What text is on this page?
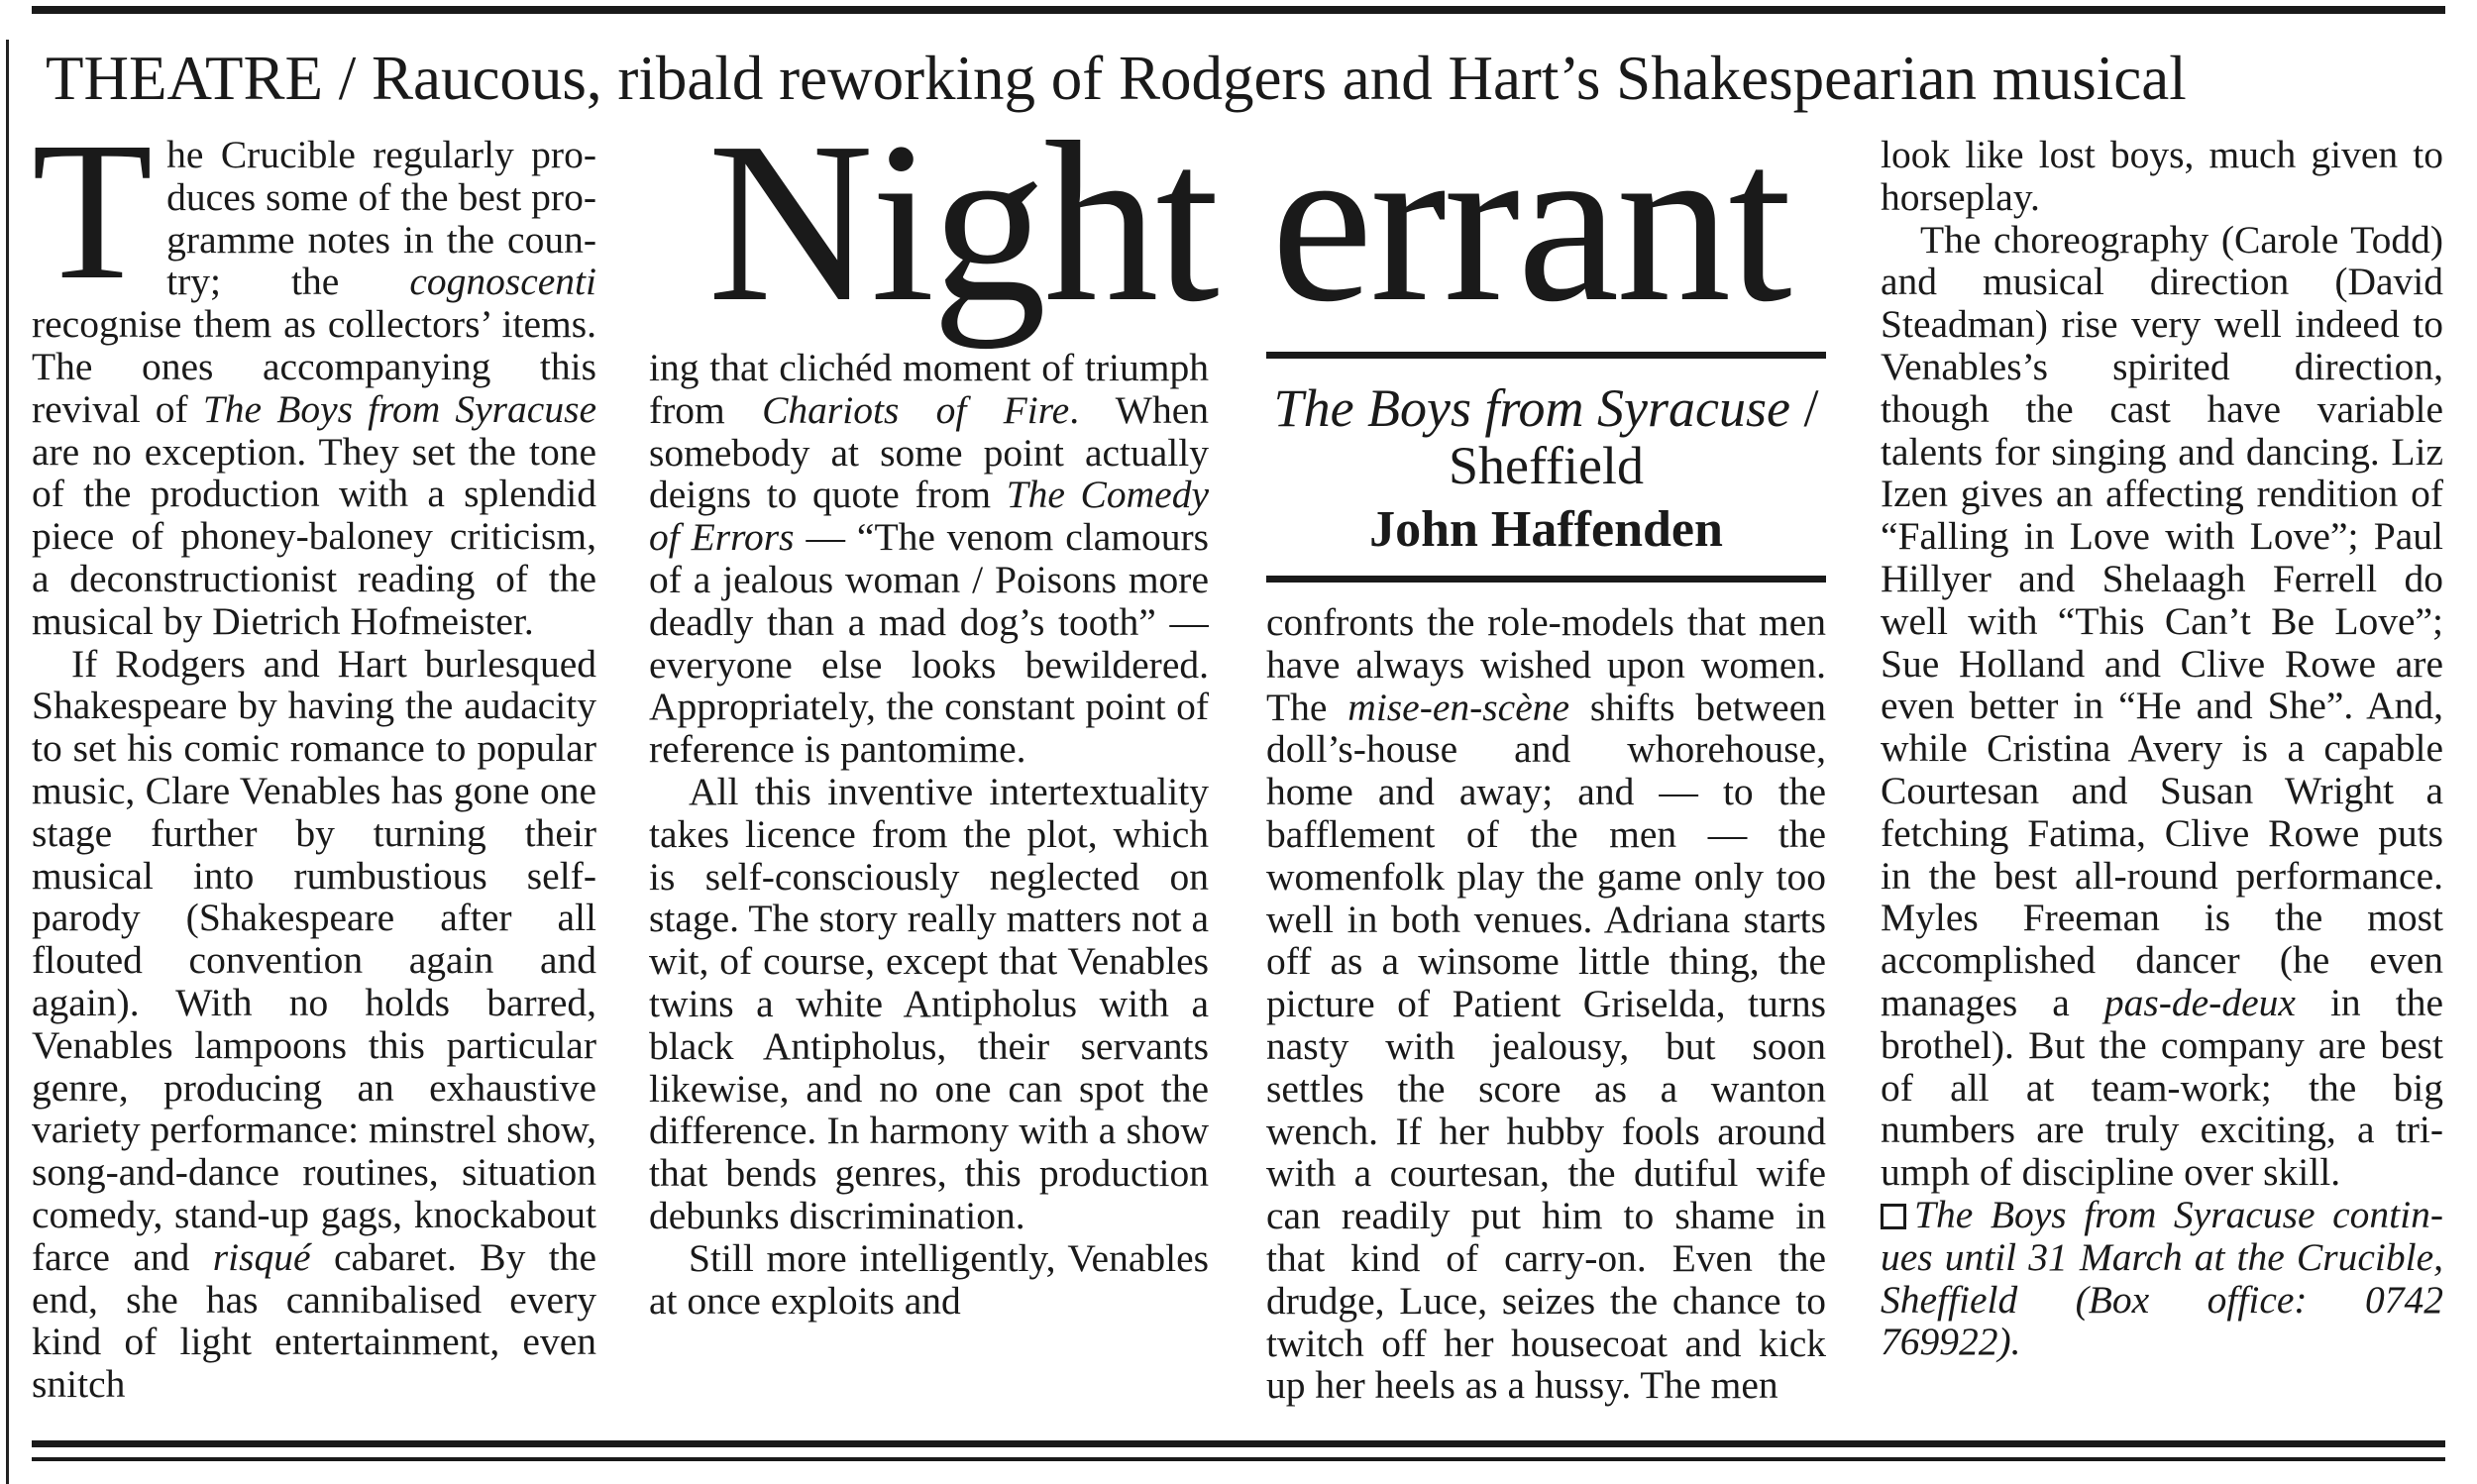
THEATRE / Raucous, ribald reworking of Rodgers and Hart’s Shakespearian musical
Night errant
The Boys from Syracuse / Sheffield
John Haffenden

The Crucible regularly produces some of the best programme notes in the country; the cognoscenti recognise them as collectors’ items. The ones accompanying this revival of The Boys from Syracuse are no exception. They set the tone of the production with a splendid piece of phoney-baloney criticism, a deconstructionist reading of the musical by Dietrich Hofmeister.

If Rodgers and Hart burlesqued Shakespeare by having the audacity to set his comic romance to popular music, Clare Venables has gone one stage further by turning their musical into rumbustious self-parody (Shakespeare after all flouted convention again and again). With no holds barred, Venables lampoons this particular genre, producing an exhaustive variety performance: minstrel show, song-and-dance routines, situation comedy, stand-up gags, knockabout farce and risqué cabaret. By the end, she has cannibalised every kind of light entertainment, even snitch

ing that clichéd moment of triumph from Chariots of Fire. When somebody at some point actually deigns to quote from The Comedy of Errors — “The venom clamours of a jealous woman / Poisons more deadly than a mad dog’s tooth” — everyone else looks bewildered. Appropriately, the constant point of reference is pantomime.

All this inventive intertextuality takes licence from the plot, which is self-consciously neglected on stage. The story really matters not a wit, of course, except that Venables twins a white Antipholus with a black Antipholus, their servants likewise, and no one can spot the difference. In harmony with a show that bends genres, this production debunks discrimination.

Still more intelligently, Venables at once exploits and

confronts the role-models that men have always wished upon women. The mise-en-scène shifts between doll’s-house and whorehouse, home and away; and — to the bafflement of the men — the womenfolk play the game only too well in both venues. Adriana starts off as a winsome little thing, the picture of Patient Griselda, turns nasty with jealousy, but soon settles the score as a wanton wench. If her hubby fools around with a courtesan, the dutiful wife can readily put him to shame in that kind of carry-on. Even the drudge, Luce, seizes the chance to twitch off her housecoat and kick up her heels as a hussy. The men

look like lost boys, much given to horseplay.

The choreography (Carole Todd) and musical direction (David Steadman) rise very well indeed to Venables’s spirited direction, though the cast have variable talents for singing and dancing. Liz Izen gives an affecting rendition of “Falling in Love with Love”; Paul Hillyer and Shelaagh Ferrell do well with “This Can’t Be Love”; Sue Holland and Clive Rowe are even better in “He and She”. And, while Cristina Avery is a capable Courtesan and Susan Wright a fetching Fatima, Clive Rowe puts in the best all-round performance. Myles Freeman is the most accomplished dancer (he even manages a pas-de-deux in the brothel). But the company are best of all at team-work; the big numbers are truly exciting, a triumph of discipline over skill.

The Boys from Syracuse continues until 31 March at the Crucible, Sheffield (Box office: 0742 769922).
